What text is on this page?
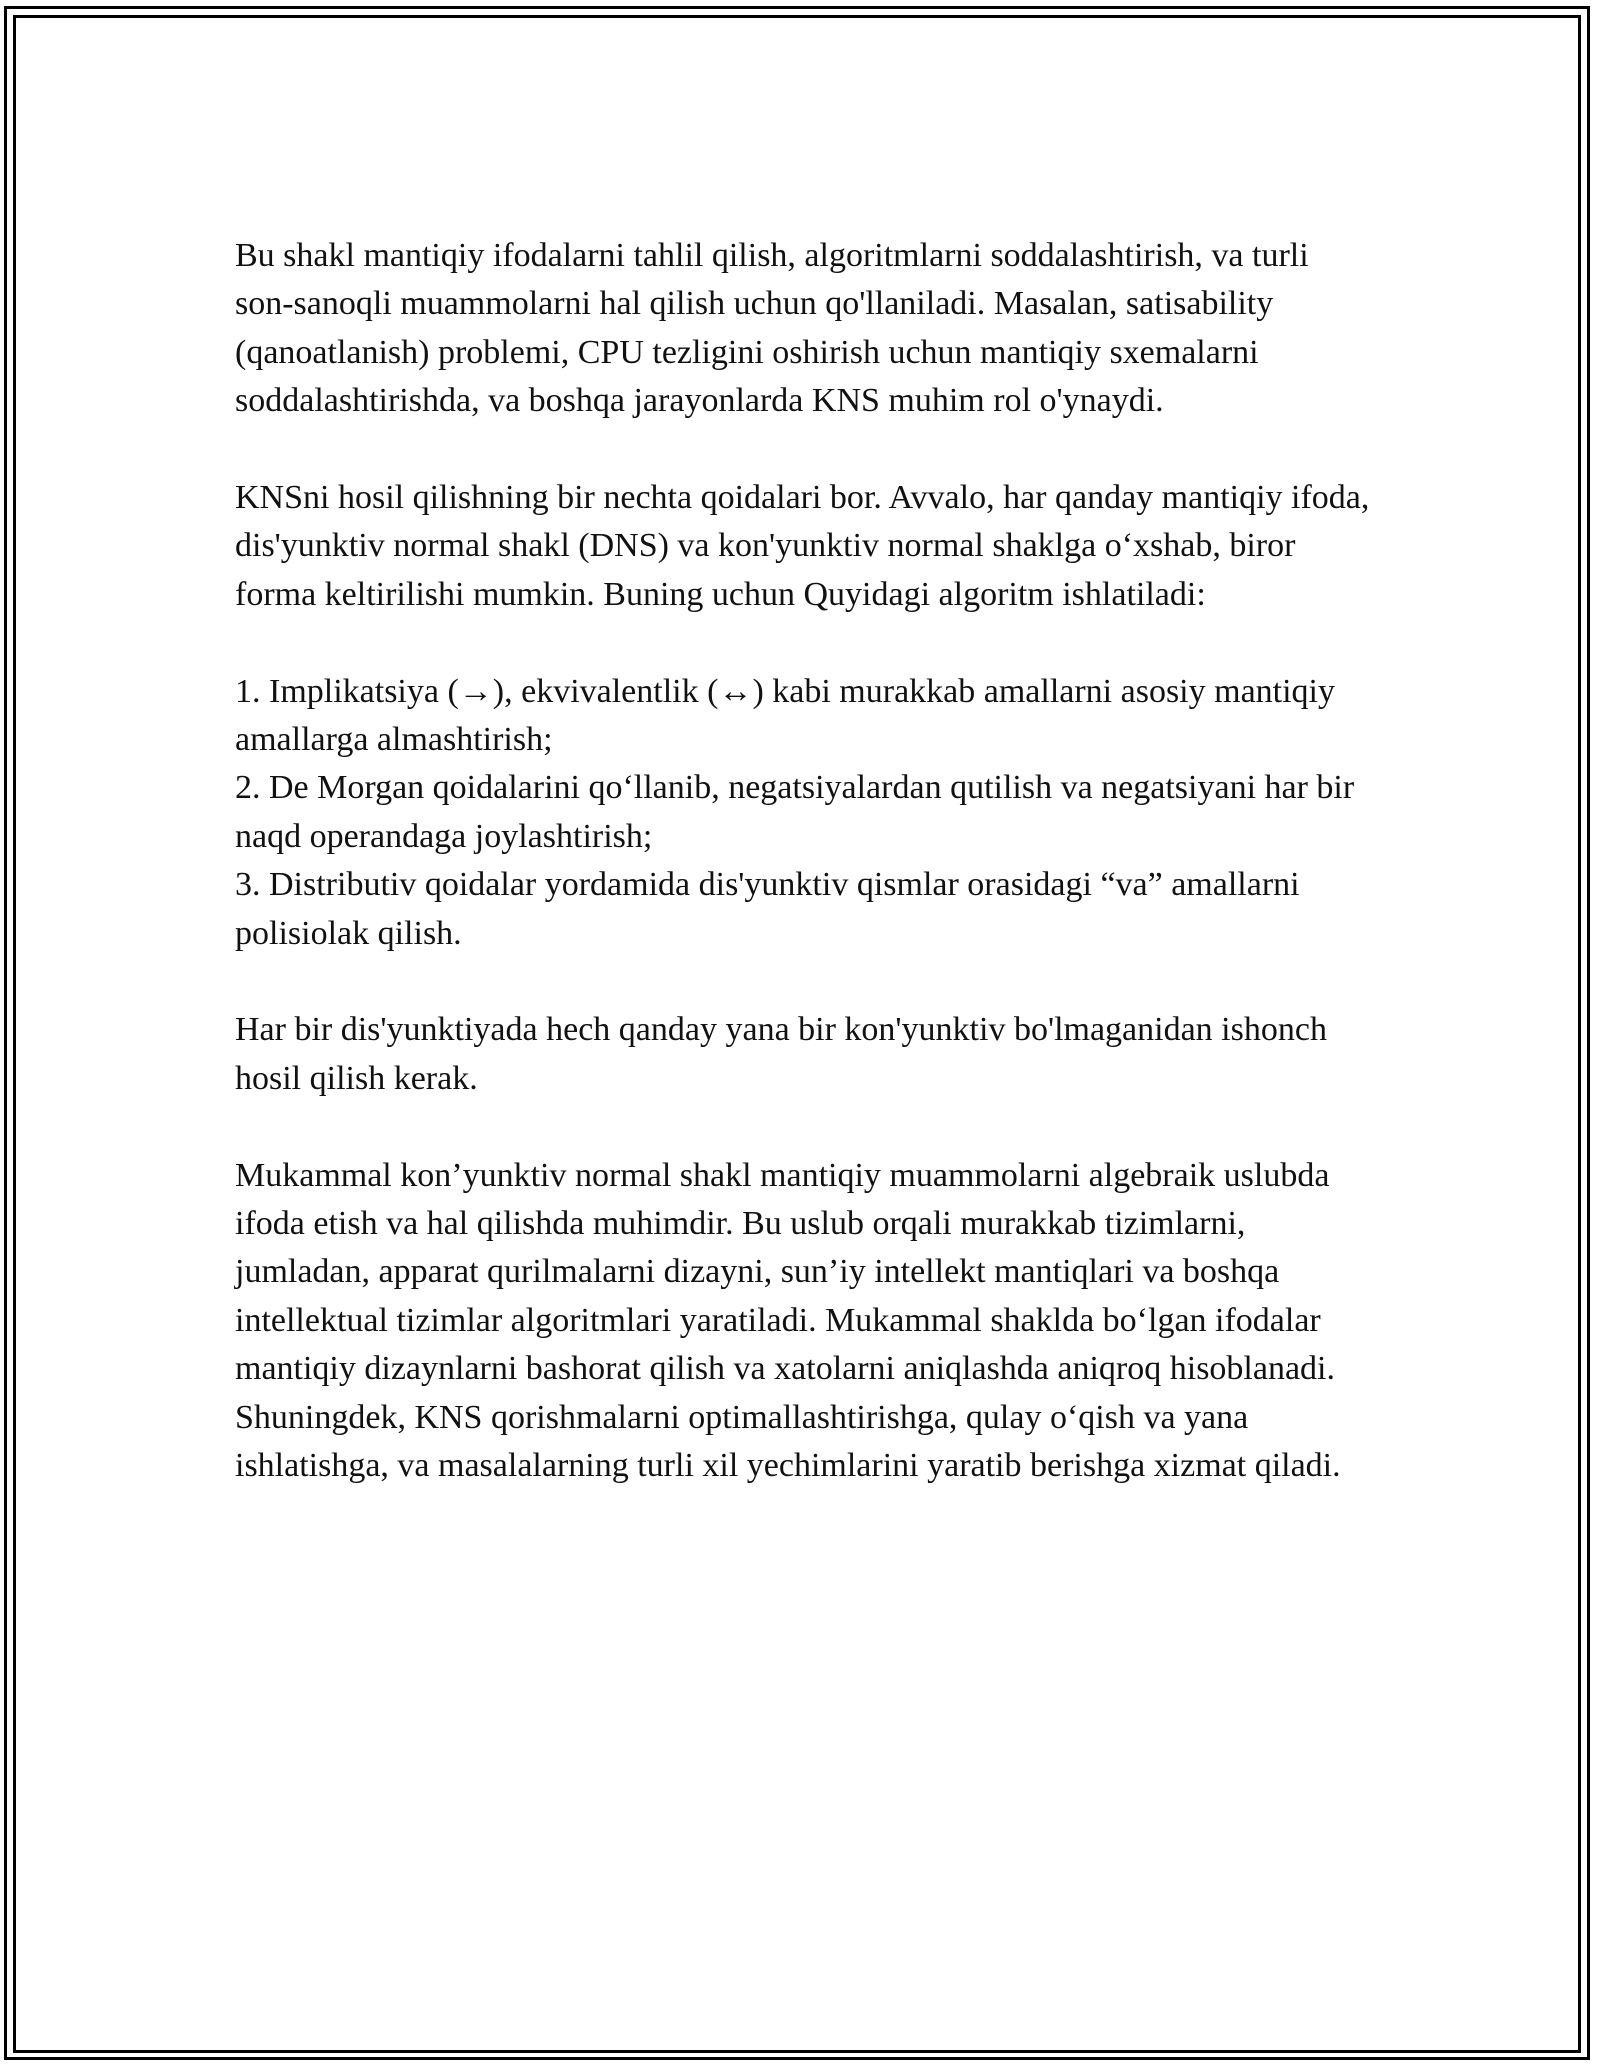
Bu shakl mantiqiy ifodalarni tahlil qilish, algoritmlarni soddalashtirish, va turli son-sanoqli muammolarni hal qilish uchun qo'llaniladi. Masalan, satisability (qanoatlanish) problemi, CPU tezligini oshirish uchun mantiqiy sxemalarni soddalashtirishda, va boshqa jarayonlarda KNS muhim rol o'ynaydi.

KNSni hosil qilishning bir nechta qoidalari bor. Avvalo, har qanday mantiqiy ifoda, dis'yunktiv normal shakl (DNS) va kon'yunktiv normal shaklga o‘xshab, biror forma keltirilishi mumkin. Buning uchun Quyidagi algoritm ishlatiladi:

1. Implikatsiya (→), ekvivalentlik (↔) kabi murakkab amallarni asosiy mantiqiy amallarga almashtirish;
2. De Morgan qoidalarini qo‘llanib, negatsiyalardan qutilish va negatsiyani har bir naqd operandaga joylashtirish;
3. Distributiv qoidalar yordamida dis'yunktiv qismlar orasidagi “va” amallarni polisiolak qilish.

Har bir dis'yunktiyada hech qanday yana bir kon'yunktiv bo'lmaganidan ishonch hosil qilish kerak.

Mukammal kon’yunktiv normal shakl mantiqiy muammolarni algebraik uslubda ifoda etish va hal qilishda muhimdir. Bu uslub orqali murakkab tizimlarni, jumladan, apparat qurilmalarni dizayni, sun’iy intellekt mantiqlari va boshqa intellektual tizimlar algoritmlari yaratiladi. Mukammal shaklda bo‘lgan ifodalar mantiqiy dizaynlarni bashorat qilish va xatolarni aniqlashda aniqroq hisoblanadi. Shuningdek, KNS qorishmalarni optimallashtirishga, qulay o‘qish va yana ishlatishga, va masalalarning turli xil yechimlarini yaratib berishga xizmat qiladi.
